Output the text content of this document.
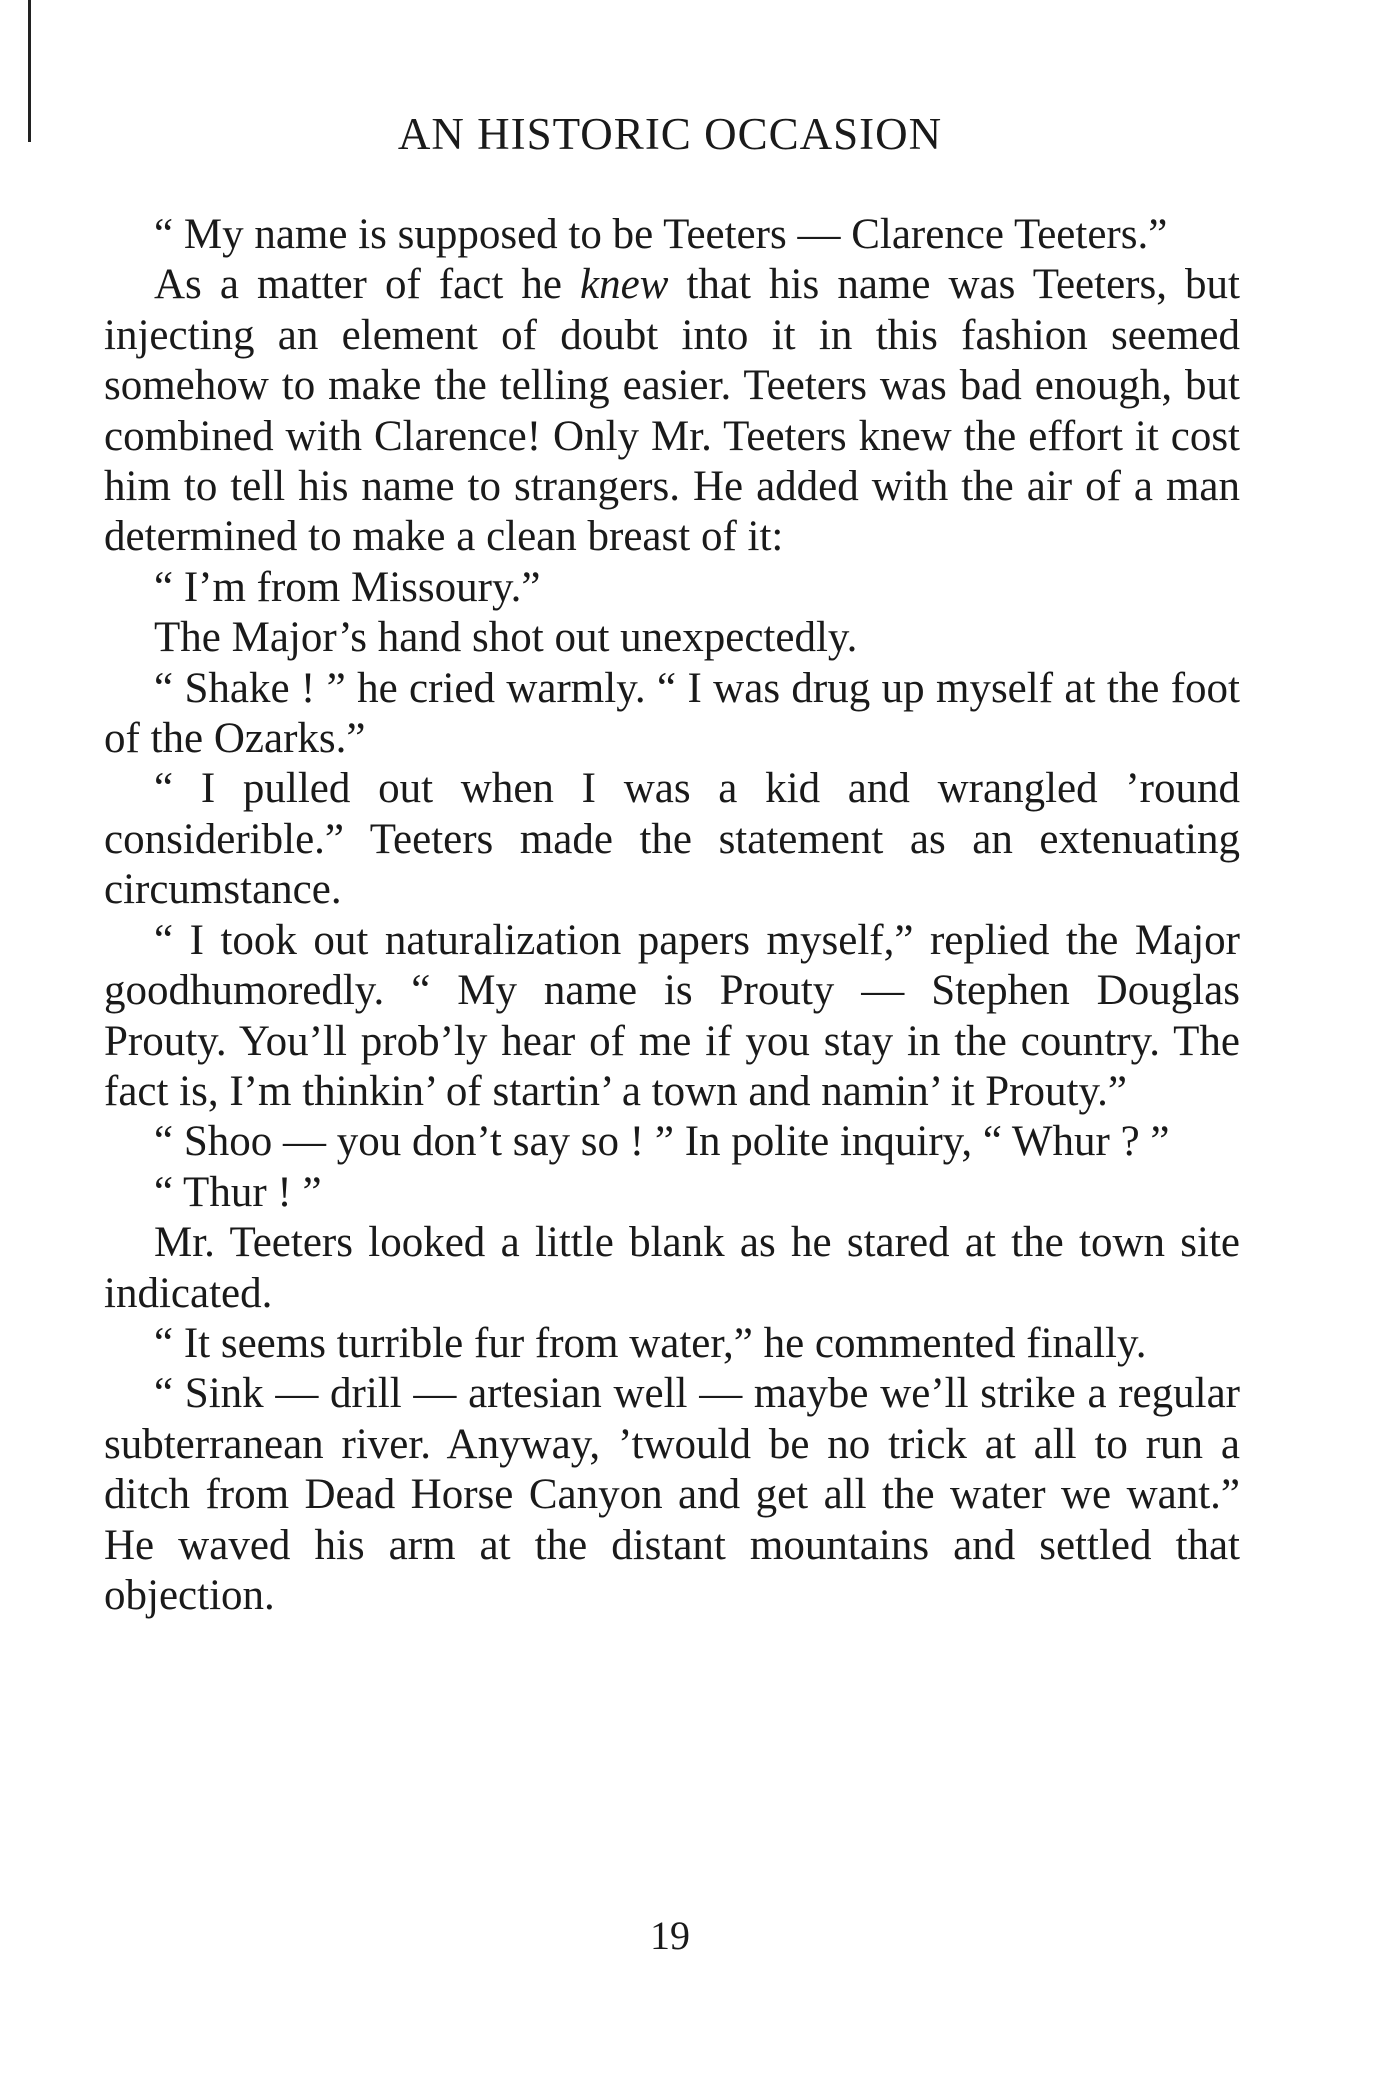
AN HISTORIC OCCASION

“ My name is supposed to be Teeters — Clarence Teeters.”

As a matter of fact he knew that his name was Teeters, but injecting an element of doubt into it in this fashion seemed somehow to make the telling easier. Teeters was bad enough, but combined with Clarence! Only Mr. Teeters knew the effort it cost him to tell his name to strangers. He added with the air of a man determined to make a clean breast of it:

“ I’m from Missoury.”

The Major’s hand shot out unexpectedly.

“ Shake ! ” he cried warmly. “ I was drug up myself at the foot of the Ozarks.”

“ I pulled out when I was a kid and wrangled ’round considerible.” Teeters made the statement as an extenuating circumstance.

“ I took out naturalization papers myself,” replied the Major goodhumoredly. “ My name is Prouty — Stephen Douglas Prouty. You’ll prob’ly hear of me if you stay in the country. The fact is, I’m thinkin’ of startin’ a town and namin’ it Prouty.”

“ Shoo — you don’t say so ! ” In polite inquiry, “ Whur ? ”

“ Thur ! ”

Mr. Teeters looked a little blank as he stared at the town site indicated.

“ It seems turrible fur from water,” he commented finally.

“ Sink — drill — artesian well — maybe we’ll strike a regular subterranean river. Anyway, ’twould be no trick at all to run a ditch from Dead Horse Canyon and get all the water we want.” He waved his arm at the distant mountains and settled that objection.

19
